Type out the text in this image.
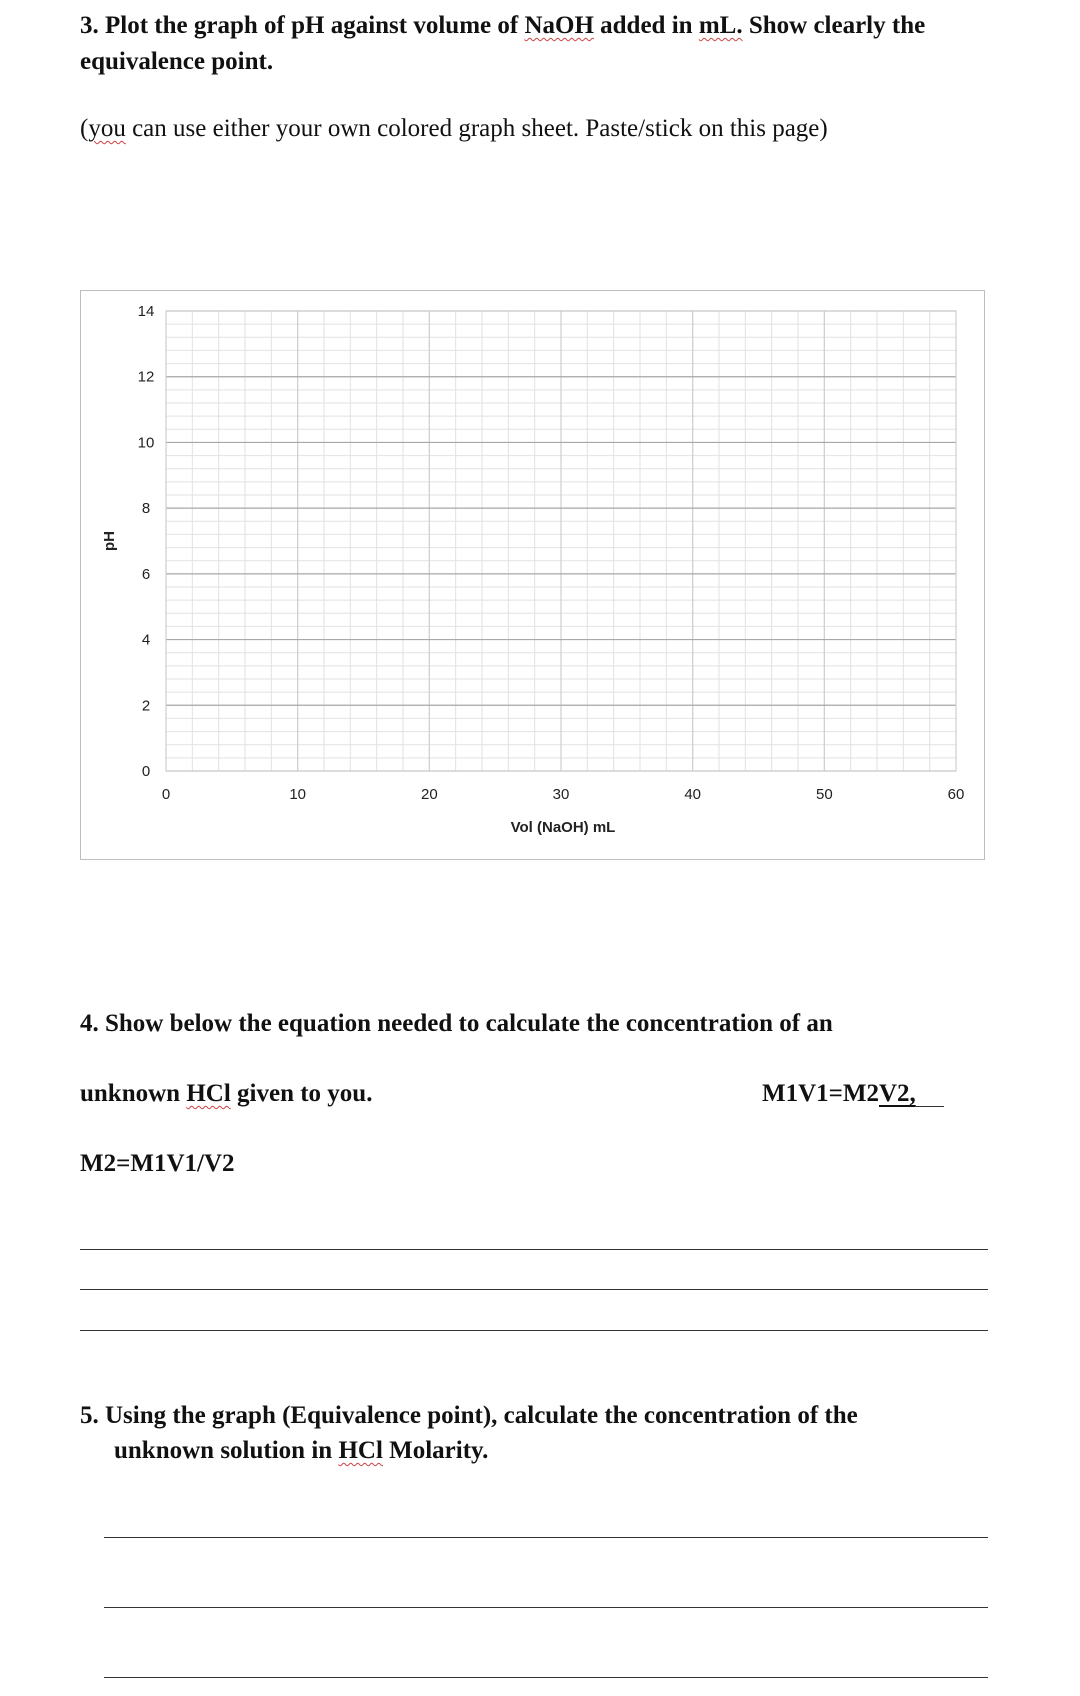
3. Plot the graph of pH against volume of NaOH added in mL. Show clearly the
equivalence point.
(you can use either your own colored graph sheet. Paste/stick on this page)
0
2
4
6
8
10
12
14
0	10	20	30	40	50	60
Vol (NaOH) mL
pH
4. Show below the equation needed to calculate the concentration of an
unknown HCl given to you.	M1V1=M2V2,
M2=M1V1/V2
5. Using the graph (Equivalence point), calculate the concentration of the
unknown solution in HCl Molarity.
